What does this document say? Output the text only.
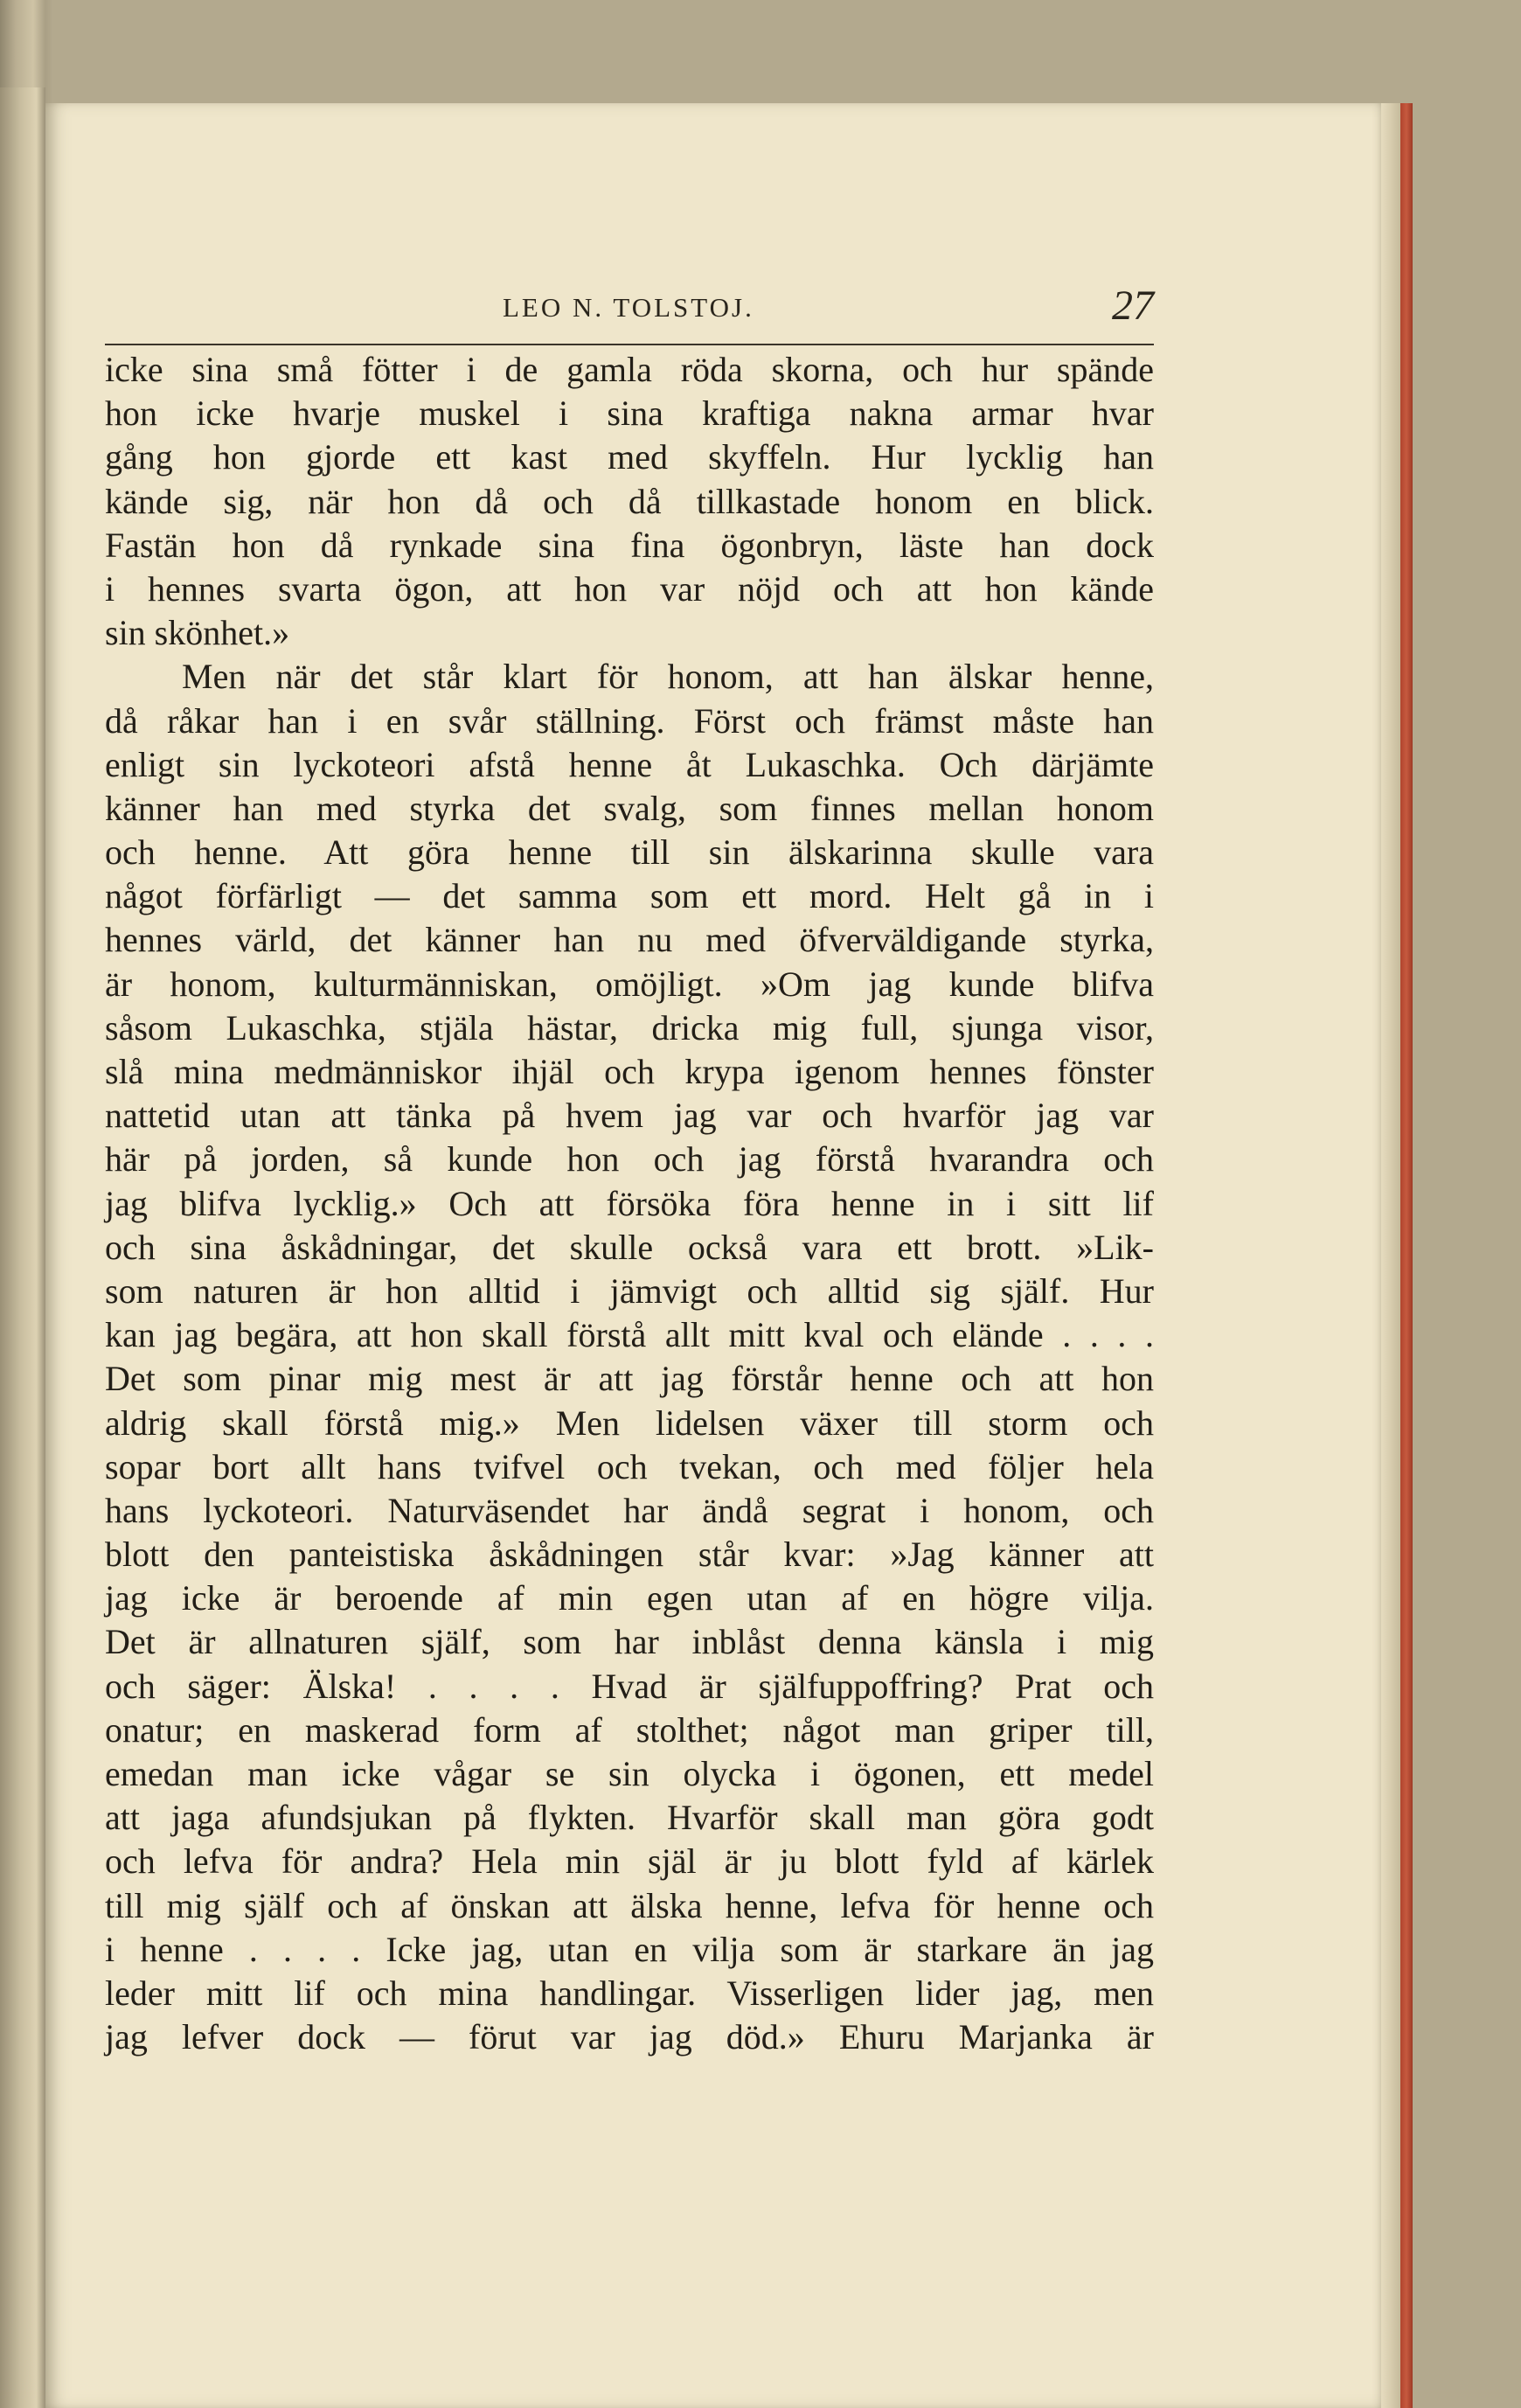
LEO N. TOLSTOJ.	27
icke sina små fötter i de gamla röda skorna, och hur spände
hon icke hvarje muskel i sina kraftiga nakna armar hvar
gång hon gjorde ett kast med skyffeln. Hur lycklig han
kände sig, när hon då och då tillkastade honom en blick.
Fastän hon då rynkade sina fina ögonbryn, läste han dock
i hennes svarta ögon, att hon var nöjd och att hon kände
sin skönhet.»
Men när det står klart för honom, att han älskar henne,
då råkar han i en svår ställning. Först och främst måste han
enligt sin lyckoteori afstå henne åt Lukaschka. Och därjämte
känner han med styrka det svalg, som finnes mellan honom
och henne. Att göra henne till sin älskarinna skulle vara
något förfärligt — det samma som ett mord. Helt gå in i
hennes värld, det känner han nu med öfverväldigande styrka,
är honom, kulturmänniskan, omöjligt. »Om jag kunde blifva
såsom Lukaschka, stjäla hästar, dricka mig full, sjunga visor,
slå mina medmänniskor ihjäl och krypa igenom hennes fönster
nattetid utan att tänka på hvem jag var och hvarför jag var
här på jorden, så kunde hon och jag förstå hvarandra och
jag blifva lycklig.» Och att försöka föra henne in i sitt lif
och sina åskådningar, det skulle också vara ett brott. »Lik-
som naturen är hon alltid i jämvigt och alltid sig själf. Hur
kan jag begära, att hon skall förstå allt mitt kval och elände . . . .
Det som pinar mig mest är att jag förstår henne och att hon
aldrig skall förstå mig.» Men lidelsen växer till storm och
sopar bort allt hans tvifvel och tvekan, och med följer hela
hans lyckoteori. Naturväsendet har ändå segrat i honom, och
blott den panteistiska åskådningen står kvar: »Jag känner att
jag icke är beroende af min egen utan af en högre vilja.
Det är allnaturen själf, som har inblåst denna känsla i mig
och säger: Älska! . . . . Hvad är själfuppoffring? Prat och
onatur; en maskerad form af stolthet; något man griper till,
emedan man icke vågar se sin olycka i ögonen, ett medel
att jaga afundsjukan på flykten. Hvarför skall man göra godt
och lefva för andra? Hela min själ är ju blott fyld af kärlek
till mig själf och af önskan att älska henne, lefva för henne och
i henne . . . . Icke jag, utan en vilja som är starkare än jag
leder mitt lif och mina handlingar. Visserligen lider jag, men
jag lefver dock — förut var jag död.» Ehuru Marjanka är
